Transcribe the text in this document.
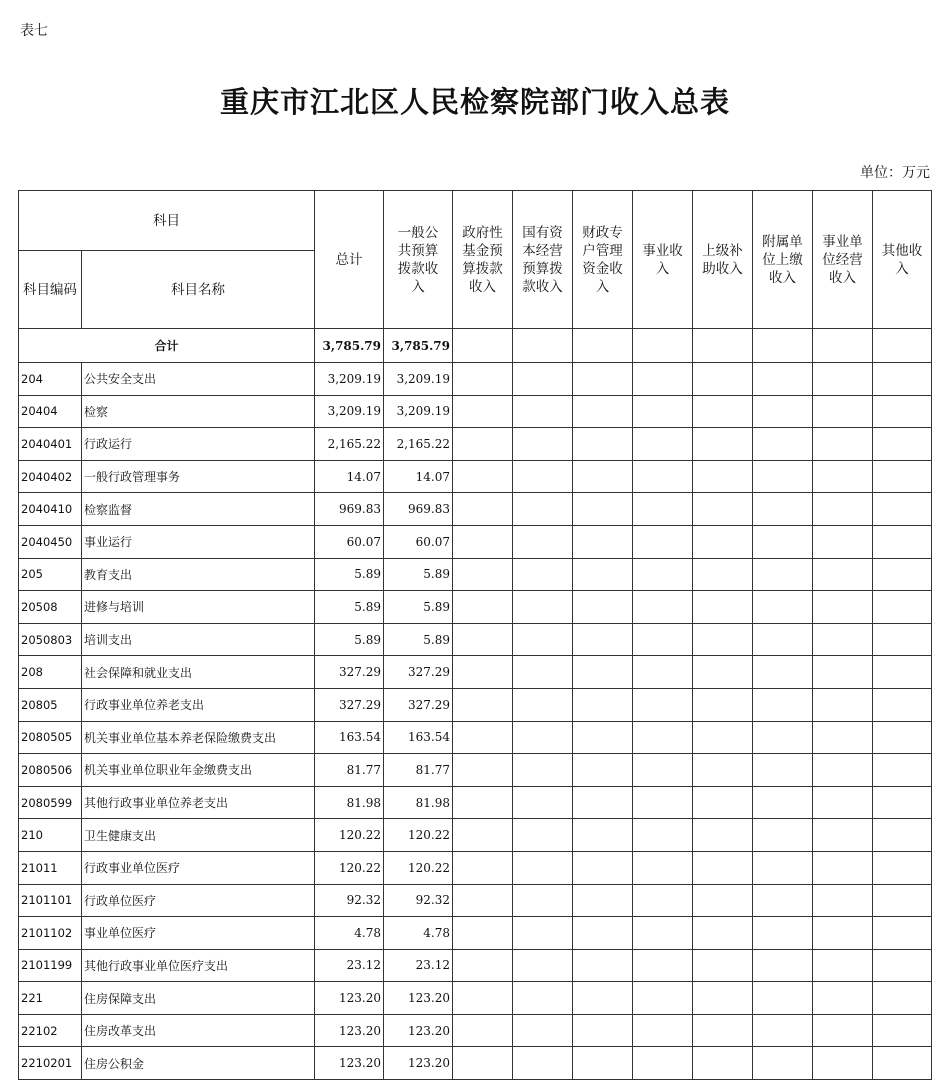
表七
重庆市江北区人民检察院部门收入总表
单位：万元
科目		总计	一般公共预算拨款收入	政府性基金预算拨款收入	国有资本经营预算拨款收入	财政专户管理资金收入	事业收入	上级补助收入	附属单位上缴收入	事业单位经营收入	其他收入
科目编码	科目名称										
合计		3,785.79	3,785.79								
204	公共安全支出	3,209.19	3,209.19								
20404	检察	3,209.19	3,209.19								
2040401	行政运行	2,165.22	2,165.22								
2040402	一般行政管理事务	14.07	14.07								
2040410	检察监督	969.83	969.83								
2040450	事业运行	60.07	60.07								
205	教育支出	5.89	5.89								
20508	进修与培训	5.89	5.89								
2050803	培训支出	5.89	5.89								
208	社会保障和就业支出	327.29	327.29								
20805	行政事业单位养老支出	327.29	327.29								
2080505	机关事业单位基本养老保险缴费支出	163.54	163.54								
2080506	机关事业单位职业年金缴费支出	81.77	81.77								
2080599	其他行政事业单位养老支出	81.98	81.98								
210	卫生健康支出	120.22	120.22								
21011	行政事业单位医疗	120.22	120.22								
2101101	行政单位医疗	92.32	92.32								
2101102	事业单位医疗	4.78	4.78								
2101199	其他行政事业单位医疗支出	23.12	23.12								
221	住房保障支出	123.20	123.20								
22102	住房改革支出	123.20	123.20								
2210201	住房公积金	123.20	123.20								
